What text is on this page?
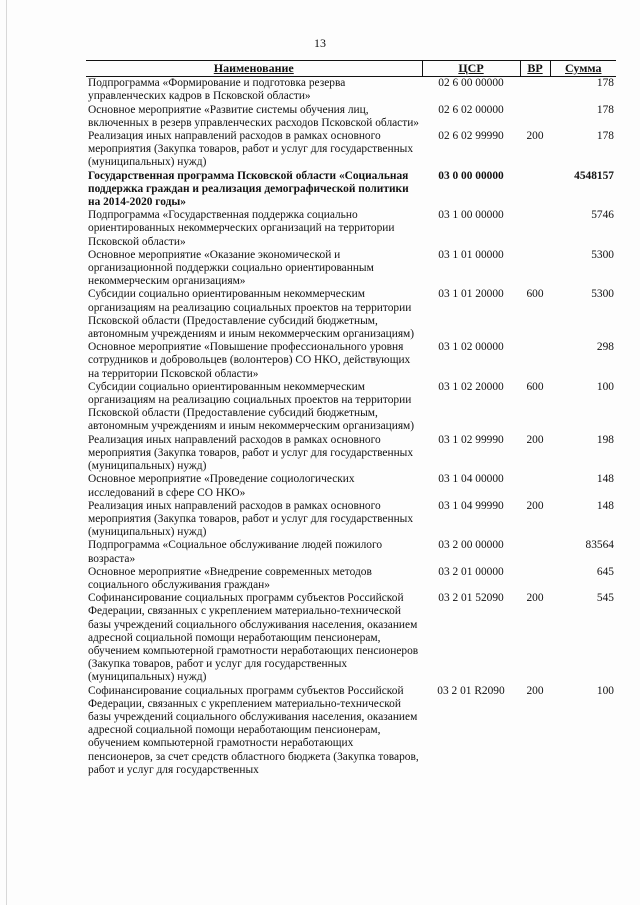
13
Наименование	ЦСР	ВР	Сумма
Подпрограмма «Формирование и подготовка резерва управленческих кадров в Псковской области»	02 6 00 00000		178
Основное мероприятие «Развитие системы обучения лиц, включенных в резерв управленческих расходов Псковской области»	02 6 02 00000		178
Реализация иных направлений расходов в рамках основного мероприятия (Закупка товаров, работ и услуг для государственных (муниципальных) нужд)	02 6 02 99990	200	178
Государственная программа Псковской области «Социальная поддержка граждан и реализация демографической политики на 2014-2020 годы»	03 0 00 00000		4548157
Подпрограмма «Государственная поддержка социально ориентированных некоммерческих организаций на территории Псковской области»	03 1 00 00000		5746
Основное мероприятие «Оказание экономической и организационной поддержки социально ориентированным некоммерческим организациям»	03 1 01 00000		5300
Субсидии социально ориентированным некоммерческим организациям на реализацию социальных проектов на территории Псковской области (Предоставление субсидий бюджетным, автономным учреждениям и иным некоммерческим организациям)	03 1 01 20000	600	5300
Основное мероприятие «Повышение профессионального уровня сотрудников и добровольцев (волонтеров) СО НКО, действующих на территории Псковской области»	03 1 02 00000		298
Субсидии социально ориентированным некоммерческим организациям на реализацию социальных проектов на территории Псковской области (Предоставление субсидий бюджетным, автономным учреждениям и иным некоммерческим организациям)	03 1 02 20000	600	100
Реализация иных направлений расходов в рамках основного мероприятия (Закупка товаров, работ и услуг для государственных (муниципальных) нужд)	03 1 02 99990	200	198
Основное мероприятие «Проведение социологических исследований в сфере СО НКО»	03 1 04 00000		148
Реализация иных направлений расходов в рамках основного мероприятия (Закупка товаров, работ и услуг для государственных (муниципальных) нужд)	03 1 04 99990	200	148
Подпрограмма «Социальное обслуживание людей пожилого возраста»	03 2 00 00000		83564
Основное мероприятие «Внедрение современных методов социального обслуживания граждан»	03 2 01 00000		645
Софинансирование социальных программ субъектов Российской Федерации, связанных с укреплением материально-технической базы учреждений социального обслуживания населения, оказанием адресной социальной помощи неработающим пенсионерам, обучением компьютерной грамотности неработающих пенсионеров (Закупка товаров, работ и услуг для государственных (муниципальных) нужд)	03 2 01 52090	200	545
Софинансирование социальных программ субъектов Российской Федерации, связанных с укреплением материально-технической базы учреждений социального обслуживания населения, оказанием адресной социальной помощи неработающим пенсионерам, обучением компьютерной грамотности неработающих пенсионеров, за счет средств областного бюджета (Закупка товаров, работ и услуг для государственных	03 2 01 R2090	200	100
